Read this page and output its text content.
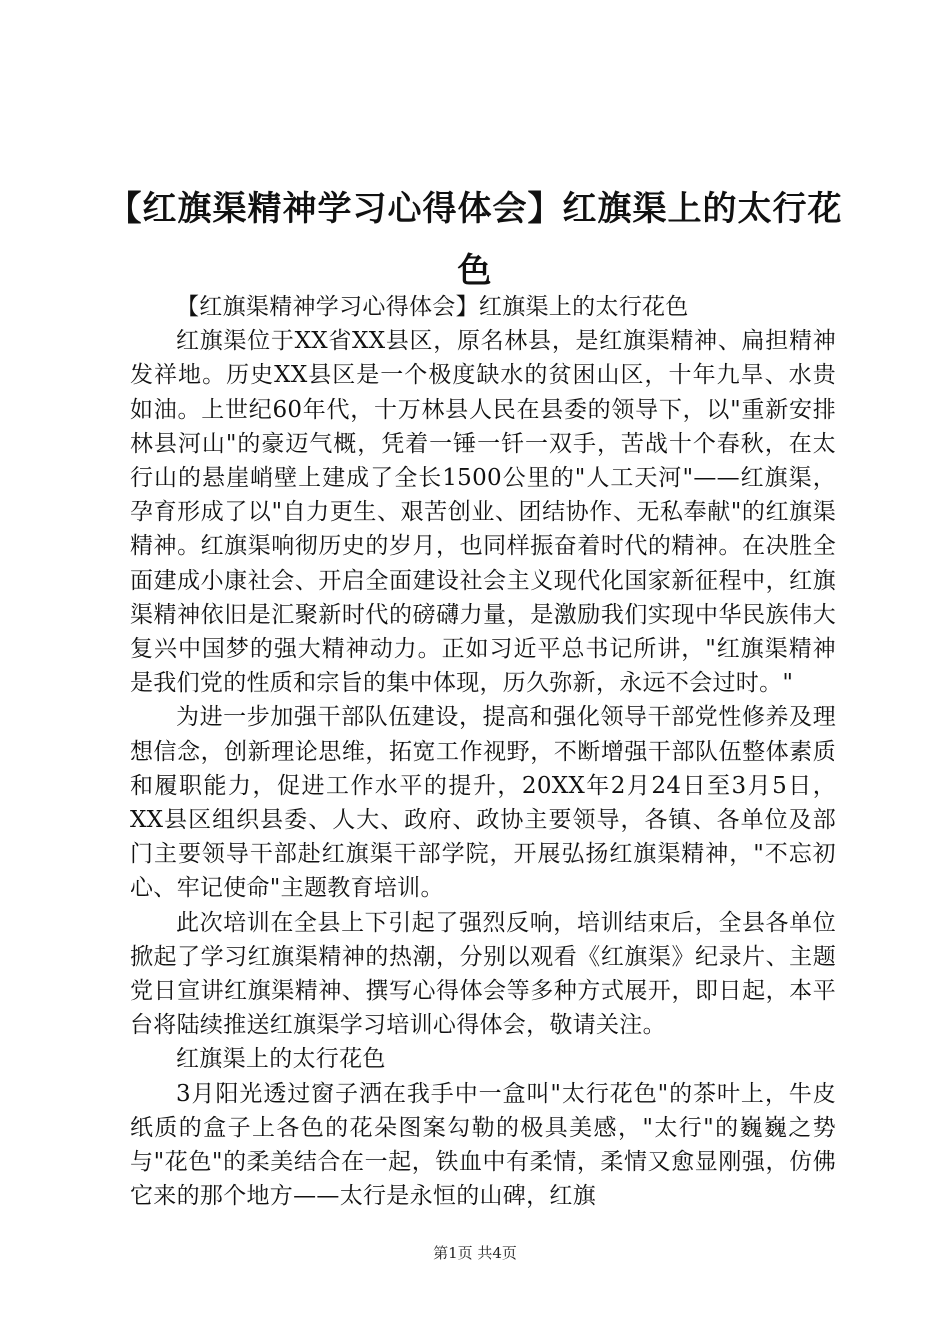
【红旗渠精神学习心得体会】红旗渠上的太行花色

【红旗渠精神学习心得体会】红旗渠上的太行花色

红旗渠位于XX省XX县区，原名林县，是红旗渠精神、扁担精神发祥地。历史XX县区是一个极度缺水的贫困山区，十年九旱、水贵如油。上世纪60年代，十万林县人民在县委的领导下，以"重新安排林县河山"的豪迈气概，凭着一锤一钎一双手，苦战十个春秋，在太行山的悬崖峭壁上建成了全长1500公里的"人工天河"——红旗渠，孕育形成了以"自力更生、艰苦创业、团结协作、无私奉献"的红旗渠精神。红旗渠响彻历史的岁月，也同样振奋着时代的精神。在决胜全面建成小康社会、开启全面建设社会主义现代化国家新征程中，红旗渠精神依旧是汇聚新时代的磅礴力量，是激励我们实现中华民族伟大复兴中国梦的强大精神动力。正如习近平总书记所讲，"红旗渠精神是我们党的性质和宗旨的集中体现，历久弥新，永远不会过时。"

为进一步加强干部队伍建设，提高和强化领导干部党性修养及理想信念，创新理论思维，拓宽工作视野，不断增强干部队伍整体素质和履职能力，促进工作水平的提升，20XX年2月24日至3月5日，XX县区组织县委、人大、政府、政协主要领导，各镇、各单位及部门主要领导干部赴红旗渠干部学院，开展弘扬红旗渠精神，"不忘初心、牢记使命"主题教育培训。

此次培训在全县上下引起了强烈反响，培训结束后，全县各单位掀起了学习红旗渠精神的热潮，分别以观看《红旗渠》纪录片、主题党日宣讲红旗渠精神、撰写心得体会等多种方式展开，即日起，本平台将陆续推送红旗渠学习培训心得体会，敬请关注。

红旗渠上的太行花色

3月阳光透过窗子洒在我手中一盒叫"太行花色"的茶叶上，牛皮纸质的盒子上各色的花朵图案勾勒的极具美感，"太行"的巍巍之势与"花色"的柔美结合在一起，铁血中有柔情，柔情又愈显刚强，仿佛它来的那个地方——太行是永恒的山碑，红旗

第1页 共4页
